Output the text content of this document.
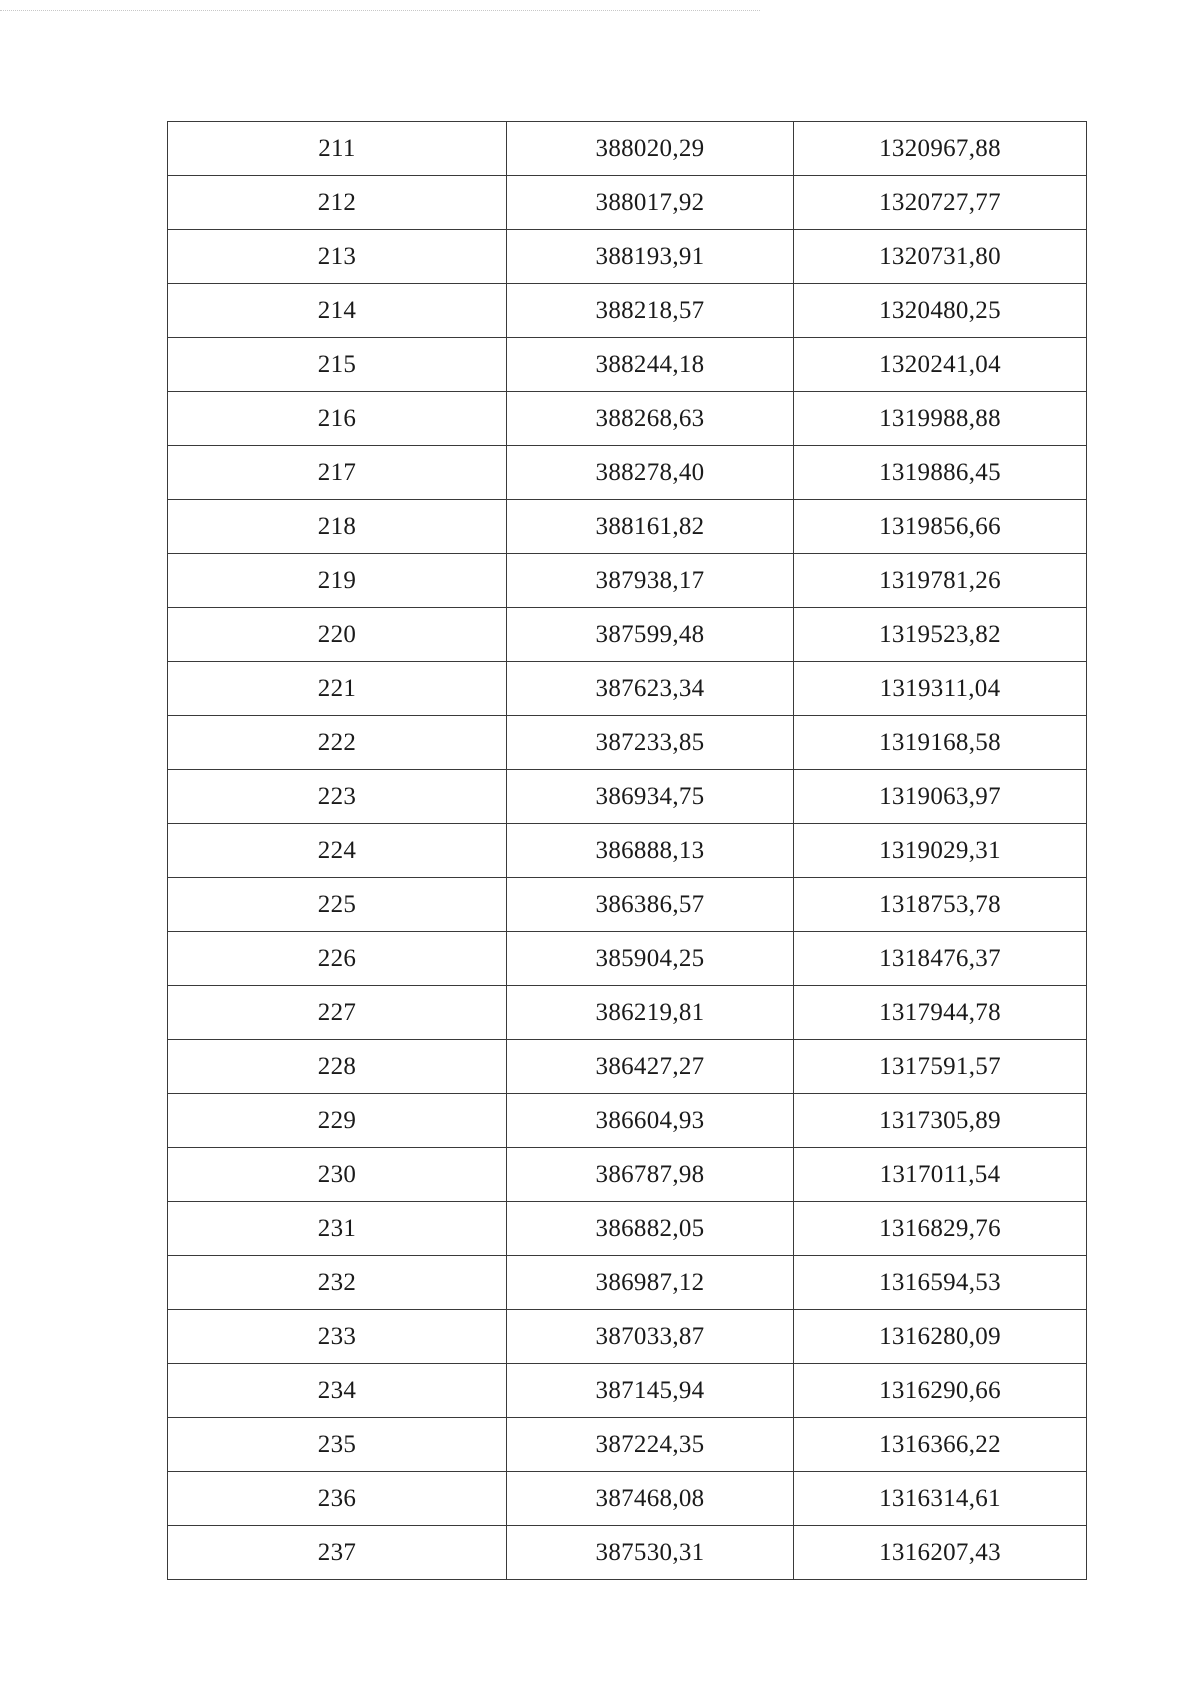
211	388020,29	1320967,88
212	388017,92	1320727,77
213	388193,91	1320731,80
214	388218,57	1320480,25
215	388244,18	1320241,04
216	388268,63	1319988,88
217	388278,40	1319886,45
218	388161,82	1319856,66
219	387938,17	1319781,26
220	387599,48	1319523,82
221	387623,34	1319311,04
222	387233,85	1319168,58
223	386934,75	1319063,97
224	386888,13	1319029,31
225	386386,57	1318753,78
226	385904,25	1318476,37
227	386219,81	1317944,78
228	386427,27	1317591,57
229	386604,93	1317305,89
230	386787,98	1317011,54
231	386882,05	1316829,76
232	386987,12	1316594,53
233	387033,87	1316280,09
234	387145,94	1316290,66
235	387224,35	1316366,22
236	387468,08	1316314,61
237	387530,31	1316207,43
